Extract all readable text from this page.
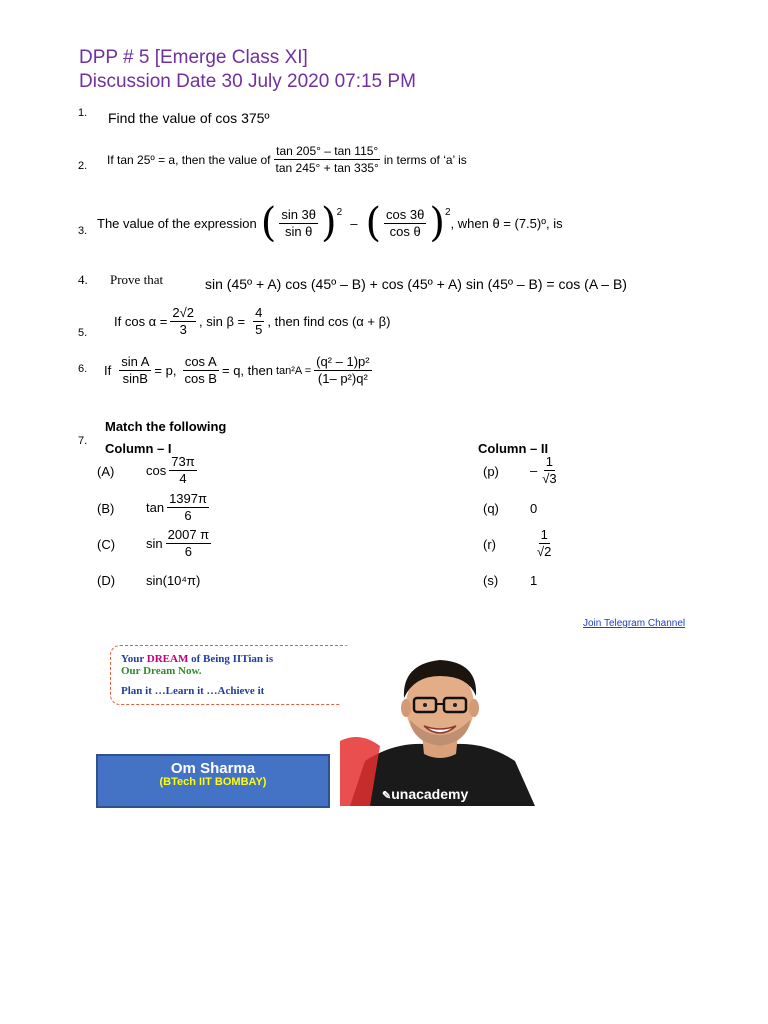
DPP # 5 [Emerge Class XI]
Discussion Date 30 July 2020 07:15 PM
1. Find the value of cos 375º
2. If tan 25º = a, then the value of $\frac{\tan 205^\circ - \tan 115^\circ}{\tan 245^\circ + \tan 335^\circ}$ in terms of ‘a’ is
3.
The value of the expression ( $\frac{\sin 3\theta}{\text{sin θ}}$ ) 2
– ( $\frac{\cos 3\theta}{\text{cos θ}}$ ) 2
, when θ = (7.5)º, is
4. Prove that	sin (45º + A) cos (45º – B) + cos (45º + A) sin (45º – B) = cos (A – B)
5.
If $\cos \alpha = \frac{2√2}{3}$ , $\sin \beta = \frac{4}{5}$ , then find cos (α + β)
6. If $\frac{\text{sin A}}{\sin B} = p$, $\frac{\text{cos A}}{\text{cos B}} = q$, then $\tan^2A = \frac{\text{(q² – 1)p²}}{\text{(1– p²)q²}}$
Match the following
7. Column – I	Column – II
(A) $\cos \frac{73\pi}{4}$	$(p) - \frac{1}{√3}$
(B) $\tan \frac{1397\pi}{6}$	(q) 0
(C) $\sin \frac{2007 \pi}{6}$	(r)	$\frac{1}{√2}$
(D) sin(10⁴π)	(s) 1
Join Telegram Channel
Your DREAM of Being IITian is
Our Dream Now.
Plan it …Learn it …Achieve it
Om Sharma
(BTech IIT BOMBAY)
✎unacademy
